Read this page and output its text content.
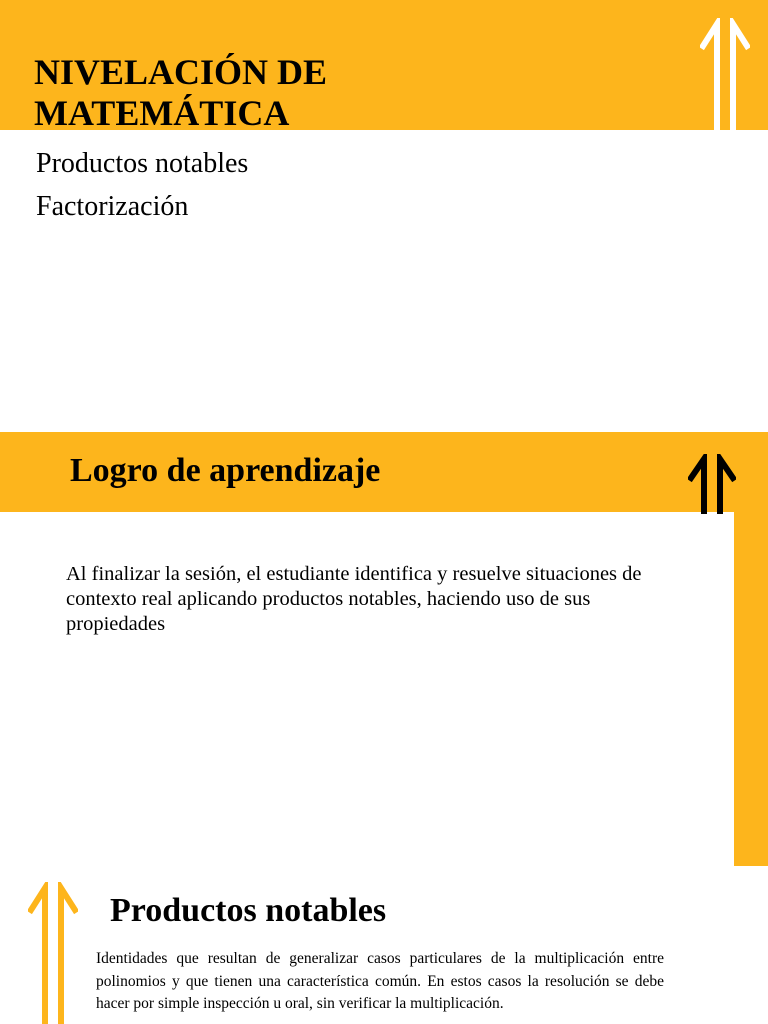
NIVELACIÓN DE
MATEMÁTICA

Productos notables

Factorización

Logro de aprendizaje

Al finalizar la sesión, el estudiante identifica y resuelve situaciones de contexto real aplicando productos notables, haciendo uso de sus propiedades

Productos notables

Identidades que resultan de generalizar casos particulares de la multiplicación entre polinomios y que tienen una característica común. En estos casos la resolución se debe hacer por simple inspección u oral, sin verificar la multiplicación.
